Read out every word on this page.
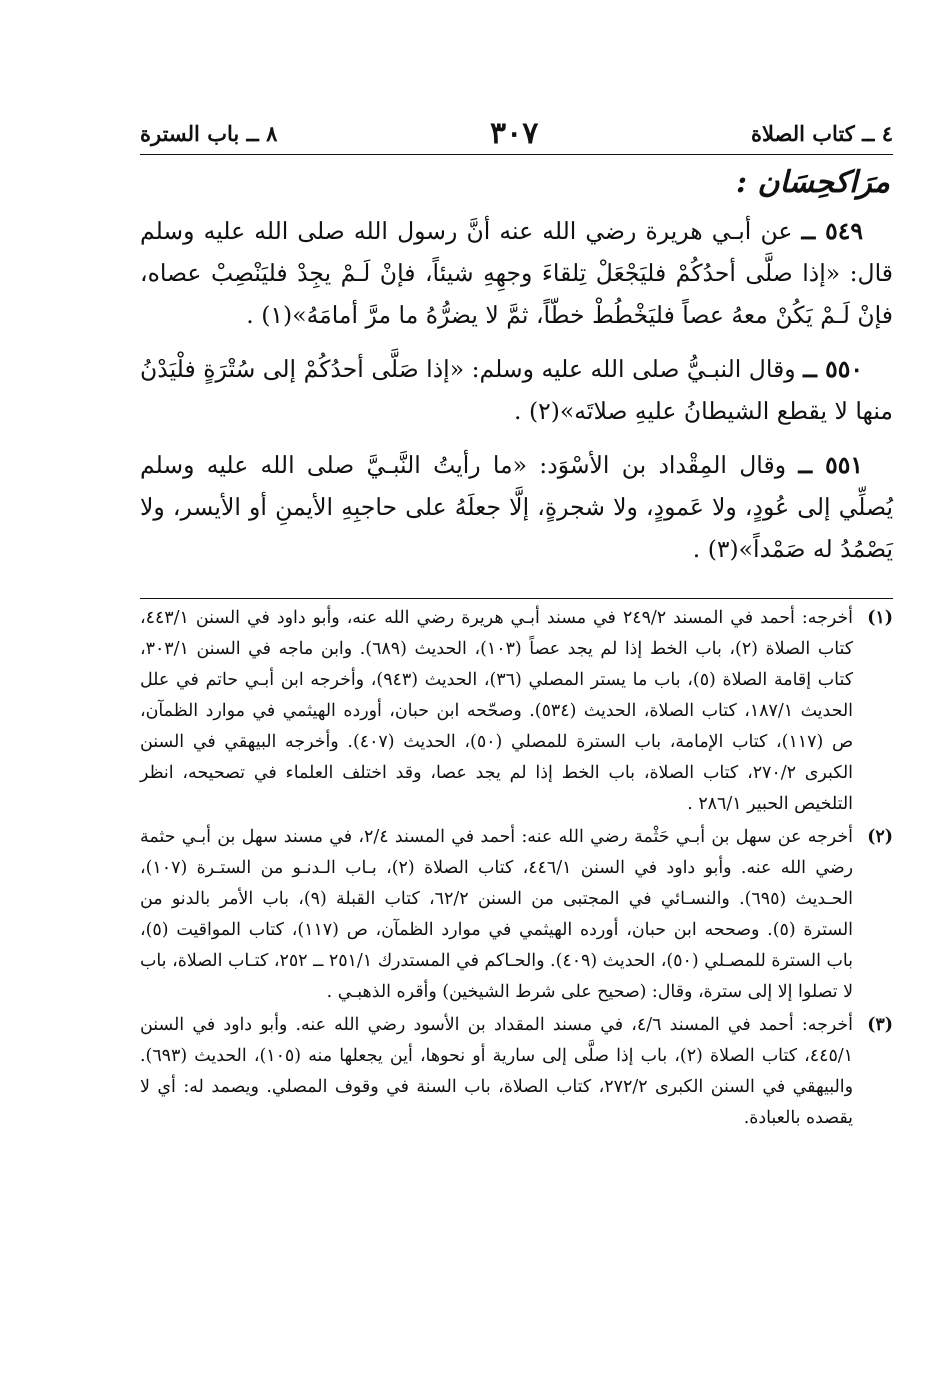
٤ ــ كتاب الصلاة
٣٠٧
٨ ــ باب السترة
مرَاكحِسَان :

٥٤٩ ــ عن أبـي هريرة رضي الله عنه أنَّ رسول الله صلى الله عليه وسلم قال: «إذا صلَّى أحدُكُمْ فليَجْعَلْ تِلقاءَ وجهِهِ شيئاً، فإنْ لَـمْ يجِدْ فليَنْصِبْ عصاه، فإنْ لَـمْ يَكُنْ معهُ عصاً فليَخْطُطْ خطّاً، ثمَّ لا يضرُّهُ ما مرَّ أمامَهُ»(١) .

٥٥٠ ــ وقال النبـيُّ صلى الله عليه وسلم: «إذا صَلَّى أحدُكُمْ إلى سُتْرَةٍ فلْيَدْنُ منها لا يقطع الشيطانُ عليهِ صلاتَه»(٢) .

٥٥١ ــ وقال المِقْداد بن الأسْوَد: «ما رأيتُ النَّبـيَّ صلى الله عليه وسلم يُصلِّي إلى عُودٍ، ولا عَمودٍ، ولا شجرةٍ، إلَّا جعلَهُ على حاجبِهِ الأيمنِ أو الأيسر، ولا يَصْمُدُ له صَمْداً»(٣) .

(١)
أخرجه: أحمد في المسند ٢٤٩/٢ في مسند أبـي هريرة رضي الله عنه، وأبو داود في السنن ٤٤٣/١، كتاب الصلاة (٢)، باب الخط إذا لم يجد عصاً (١٠٣)، الحديث (٦٨٩). وابن ماجه في السنن ٣٠٣/١، كتاب إقامة الصلاة (٥)، باب ما يستر المصلي (٣٦)، الحديث (٩٤٣)، وأخرجه ابن أبـي حاتم في علل الحديث ١٨٧/١، كتاب الصلاة، الحديث (٥٣٤). وصحّحه ابن حبان، أورده الهيثمي في موارد الظمآن، ص (١١٧)، كتاب الإمامة، باب السترة للمصلي (٥٠)، الحديث (٤٠٧). وأخرجه البيهقي في السنن الكبرى ٢٧٠/٢، كتاب الصلاة، باب الخط إذا لم يجد عصا، وقد اختلف العلماء في تصحيحه، انظر التلخيص الحبير ٢٨٦/١ .
(٢)
أخرجه عن سهل بن أبـي حَثْمة رضي الله عنه: أحمد في المسند ٢/٤، في مسند سهل بن أبـي حثمة رضي الله عنه. وأبو داود في السنن ٤٤٦/١، كتاب الصلاة (٢)، بـاب الـدنـو من الستـرة (١٠٧)، الحـديث (٦٩٥). والنسـائي في المجتبى من السنن ٦٢/٢، كتاب القبلة (٩)، باب الأمر بالدنو من السترة (٥). وصححه ابن حبان، أورده الهيثمي في موارد الظمآن، ص (١١٧)، كتاب المواقيت (٥)، باب السترة للمصـلي (٥٠)، الحديث (٤٠٩). والحـاكم في المستدرك ٢٥١/١ ــ ٢٥٢، كتـاب الصلاة، باب لا تصلوا إلا إلى سترة، وقال: (صحيح على شرط الشيخين) وأقره الذهبـي .
(٣)
أخرجه: أحمد في المسند ٤/٦، في مسند المقداد بن الأسود رضي الله عنه. وأبو داود في السنن ٤٤٥/١، كتاب الصلاة (٢)، باب إذا صلَّى إلى سارية أو نحوها، أين يجعلها منه (١٠٥)، الحديث (٦٩٣). والبيهقي في السنن الكبرى ٢٧٢/٢، كتاب الصلاة، باب السنة في وقوف المصلي. ويصمد له: أي لا يقصده بالعبادة.
